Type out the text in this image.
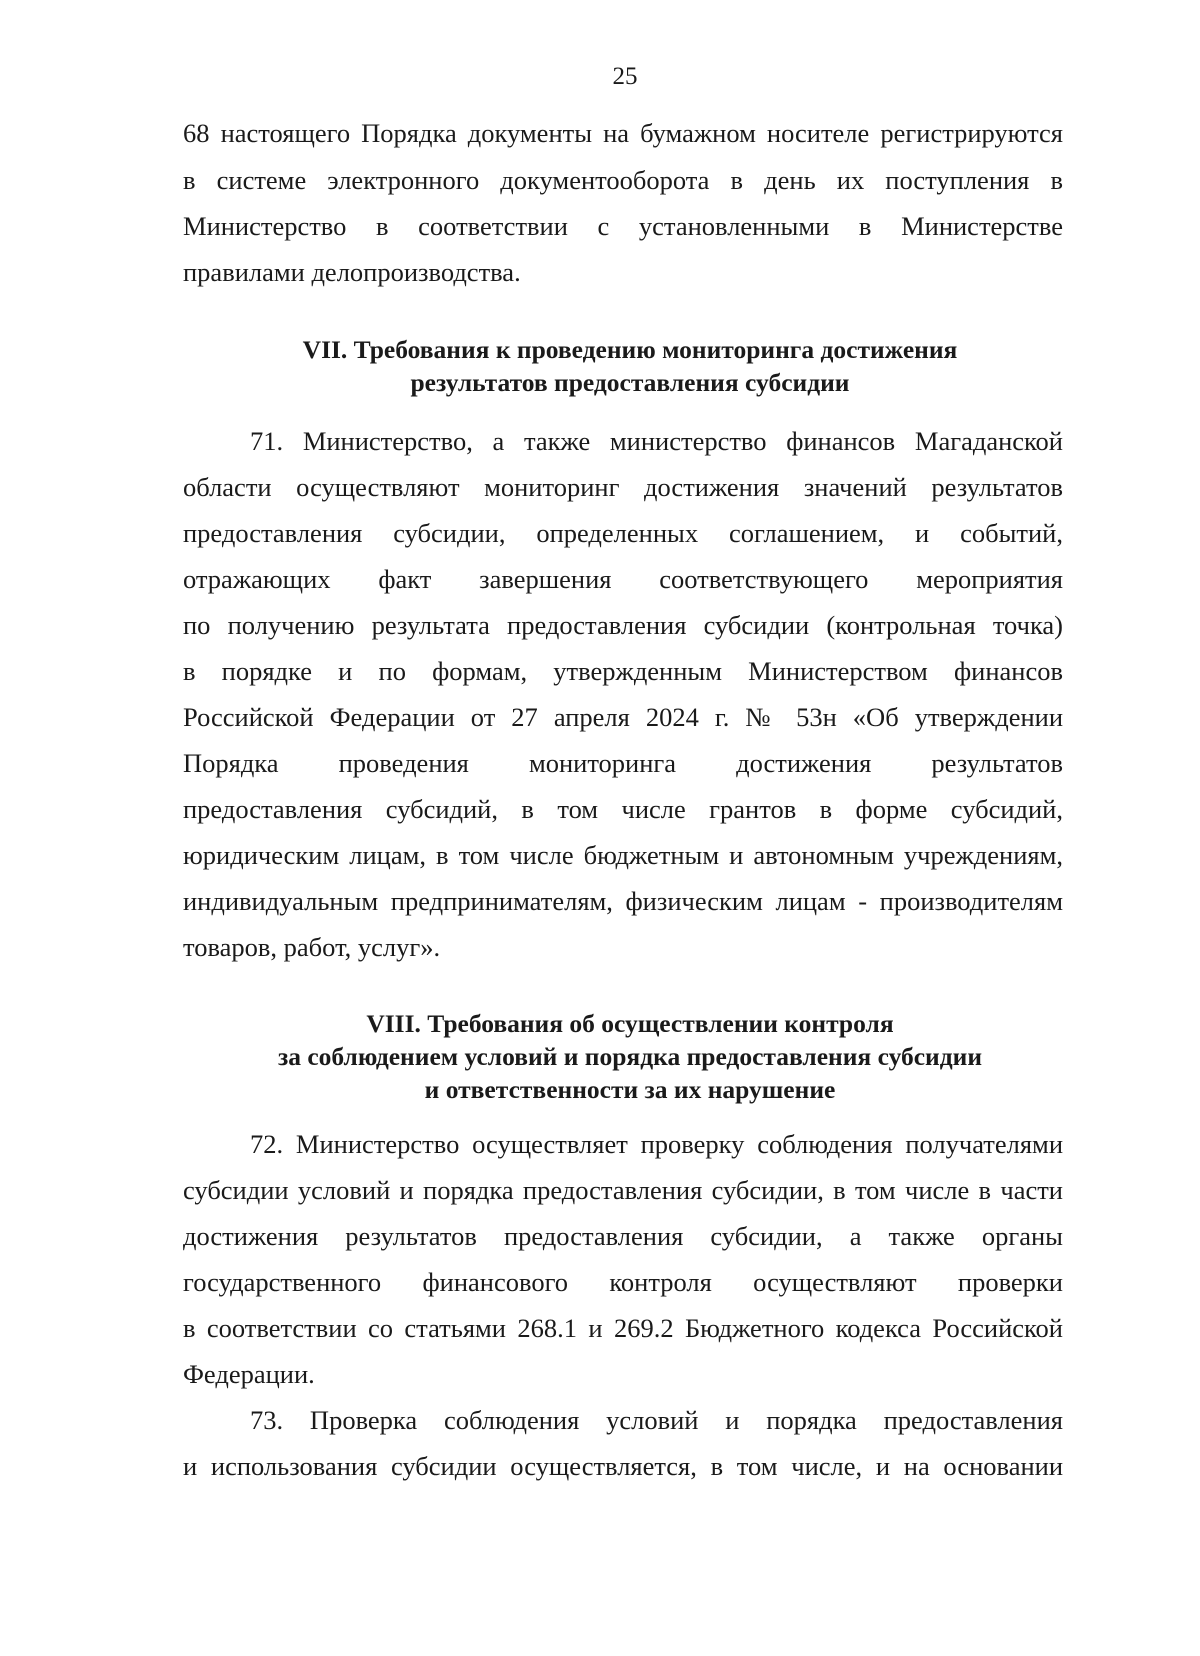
25
68 настоящего Порядка документы на бумажном носителе регистрируются
в системе электронного документооборота в день их поступления в
Министерство в соответствии с установленными в Министерстве
правилами делопроизводства.
VII. Требования к проведению мониторинга достижения
результатов предоставления субсидии
71. Министерство, а также министерство финансов Магаданской
области осуществляют мониторинг достижения значений результатов
предоставления субсидии, определенных соглашением, и событий,
отражающих факт завершения соответствующего мероприятия
по получению результата предоставления субсидии (контрольная точка)
в порядке и по формам, утвержденным Министерством финансов
Российской Федерации от 27 апреля 2024 г. № 53н «Об утверждении
Порядка проведения мониторинга достижения результатов
предоставления субсидий, в том числе грантов в форме субсидий,
юридическим лицам, в том числе бюджетным и автономным учреждениям,
индивидуальным предпринимателям, физическим лицам - производителям
товаров, работ, услуг».
VIII. Требования об осуществлении контроля
за соблюдением условий и порядка предоставления субсидии
и ответственности за их нарушение
72. Министерство осуществляет проверку соблюдения получателями
субсидии условий и порядка предоставления субсидии, в том числе в части
достижения результатов предоставления субсидии, а также органы
государственного финансового контроля осуществляют проверки
в соответствии со статьями 268.1 и 269.2 Бюджетного кодекса Российской
Федерации.
73. Проверка соблюдения условий и порядка предоставления
и использования субсидии осуществляется, в том числе, и на основании
